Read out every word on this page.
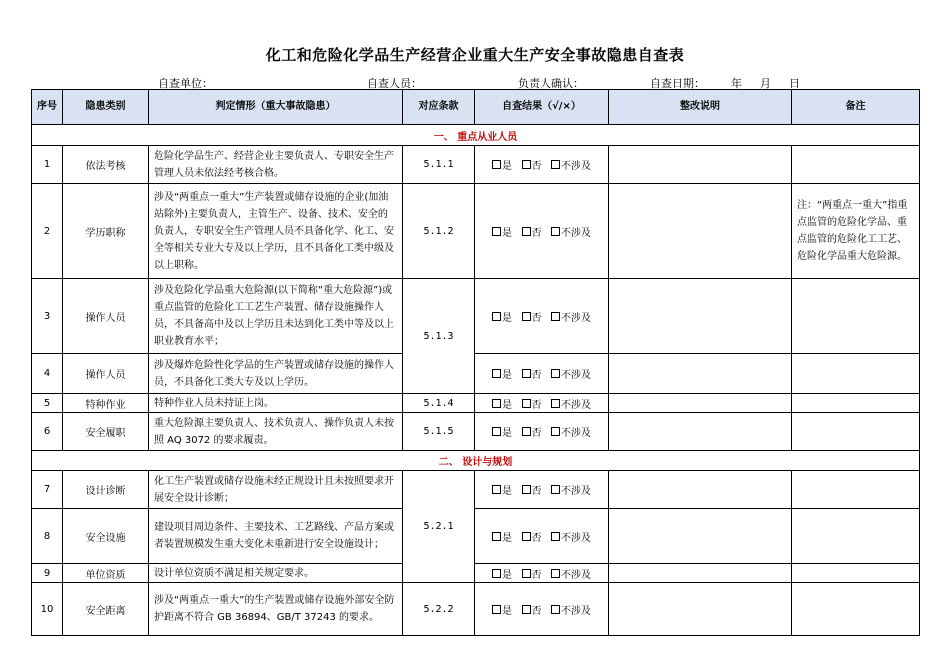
化工和危险化学品生产经营企业重大生产安全事故隐患自查表
自查单位：	自查人员：	负责人确认：	自查日期： 年 月 日
序号	隐患类别	判定情形（重大事故隐患）	对应条款	自查结果（√/×）	整改说明	备注
一、 重点从业人员						
1	依法考核	危险化学品生产、经营企业主要负责人、专职安全生产管理人员未依法经考核合格。	5.1.1	是 否 不涉及		
2	学历职称	涉及“两重点一重大”生产装置或储存设施的企业(加油站除外)主要负责人，主管生产、设备、技术、安全的负责人，专职安全生产管理人员不具备化学、化工、安全等相关专业大专及以上学历，且不具备化工类中级及以上职称。	5.1.2	是 否 不涉及		注：“两重点一重大”指重点监管的危险化学品、重点监管的危险化工工艺、危险化学品重大危险源。
3	操作人员	涉及危险化学品重大危险源(以下简称“重大危险源”)或重点监管的危险化工工艺生产装置、储存设施操作人员，不具备高中及以上学历且未达到化工类中等及以上职业教育水平；	5.1.3	是 否 不涉及		
4	操作人员	涉及爆炸危险性化学品的生产装置或储存设施的操作人员，不具备化工类大专及以上学历。		是 否 不涉及		
5	特种作业	特种作业人员未持证上岗。	5.1.4	是 否 不涉及		
6	安全履职	重大危险源主要负责人、技术负责人、操作负责人未按照 AQ 3072 的要求履责。	5.1.5	是 否 不涉及		
二、 设计与规划						
7	设计诊断	化工生产装置或储存设施未经正规设计且未按照要求开展安全设计诊断；	5.2.1	是 否 不涉及		
8	安全设施	建设项目周边条件、主要技术、工艺路线、产品方案或者装置规模发生重大变化未重新进行安全设施设计；		是 否 不涉及		
9	单位资质	设计单位资质不满足相关规定要求。		是 否 不涉及		
10	安全距离	涉及“两重点一重大”的生产装置或储存设施外部安全防护距离不符合 GB 36894、GB/T 37243 的要求。	5.2.2	是 否 不涉及		
